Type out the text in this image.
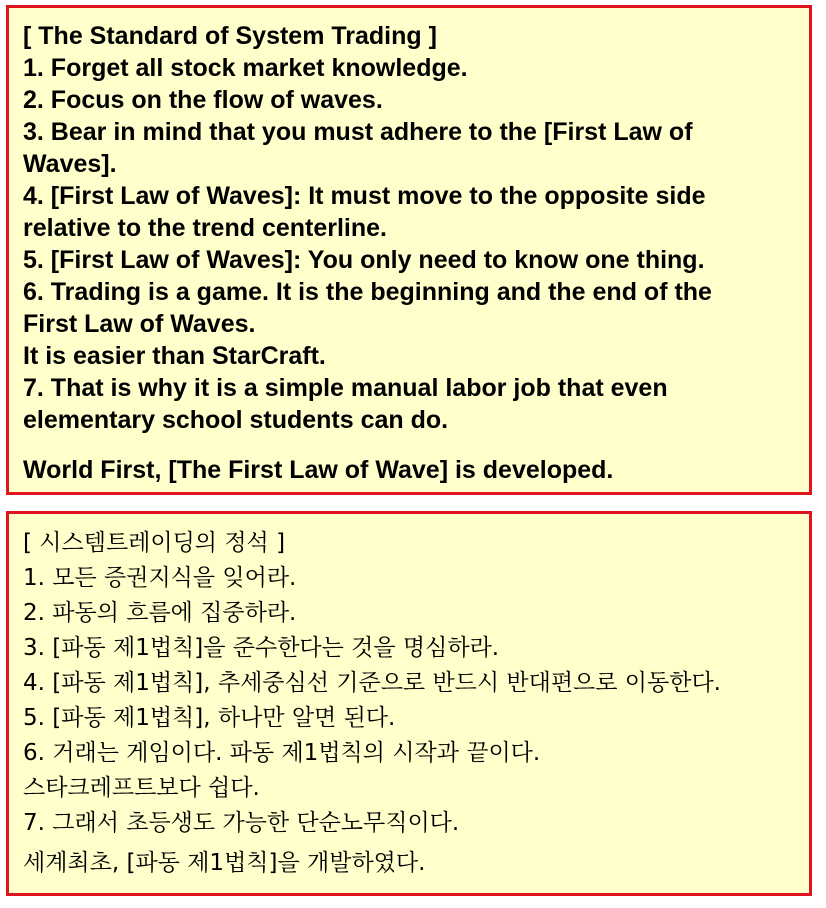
[ The Standard of System Trading ]
1. Forget all stock market knowledge.
2. Focus on the flow of waves.
3. Bear in mind that you must adhere to the [First Law of
Waves].
4. [First Law of Waves]: It must move to the opposite side
relative to the trend centerline.
5. [First Law of Waves]: You only need to know one thing.
6. Trading is a game. It is the beginning and the end of the
First Law of Waves.
It is easier than StarCraft.
7. That is why it is a simple manual labor job that even
elementary school students can do.
World First, [The First Law of Wave] is developed.
[ 시스템트레이딩의 정석 ]
1. 모든 증권지식을 잊어라.
2. 파동의 흐름에 집중하라.
3. [파동 제1법칙]을 준수한다는 것을 명심하라.
4. [파동 제1법칙], 추세중심선 기준으로 반드시 반대편으로 이동한다.
5. [파동 제1법칙], 하나만 알면 된다.
6. 거래는 게임이다. 파동 제1법칙의 시작과 끝이다.
스타크레프트보다 쉽다.
7. 그래서 초등생도 가능한 단순노무직이다.
세계최초, [파동 제1법칙]을 개발하였다.
